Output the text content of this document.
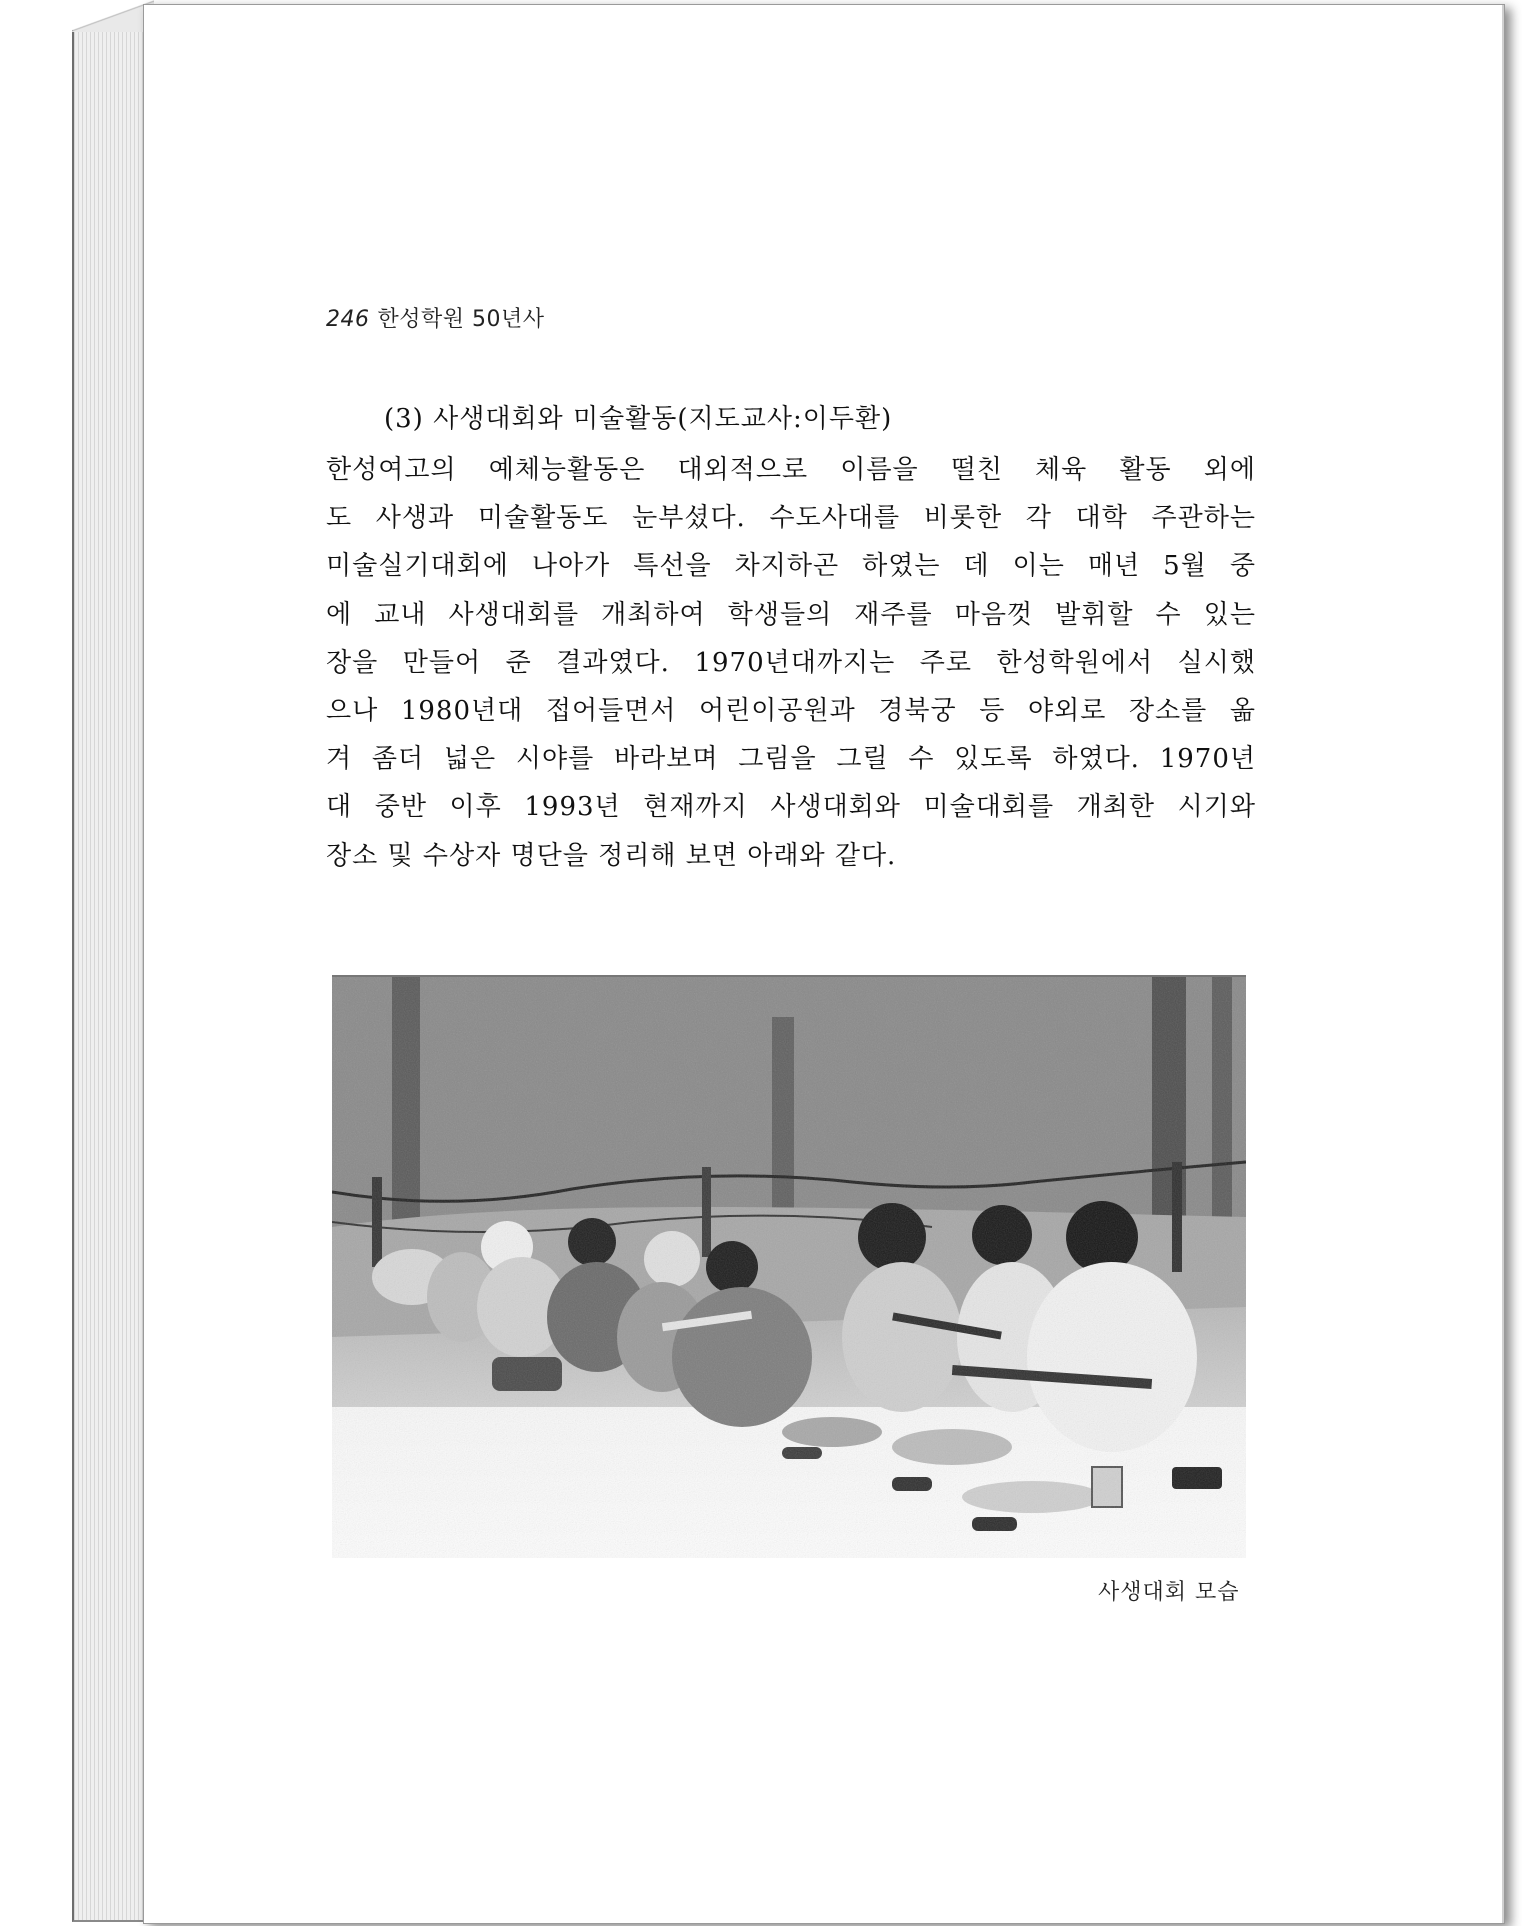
246 한성학원 50년사
(3) 사생대회와 미술활동(지도교사:이두환)
한성여고의 예체능활동은 대외적으로 이름을 떨친 체육 활동 외에
도 사생과 미술활동도 눈부셨다. 수도사대를 비롯한 각 대학 주관하는
미술실기대회에 나아가 특선을 차지하곤 하였는 데 이는 매년 5월 중
에 교내 사생대회를 개최하여 학생들의 재주를 마음껏 발휘할 수 있는
장을 만들어 준 결과였다. 1970년대까지는 주로 한성학원에서 실시했
으나 1980년대 접어들면서 어린이공원과 경북궁 등 야외로 장소를 옮
겨 좀더 넓은 시야를 바라보며 그림을 그릴 수 있도록 하였다. 1970년
대 중반 이후 1993년 현재까지 사생대회와 미술대회를 개최한 시기와
장소 및 수상자 명단을 정리해 보면 아래와 같다.
사생대회 모습
